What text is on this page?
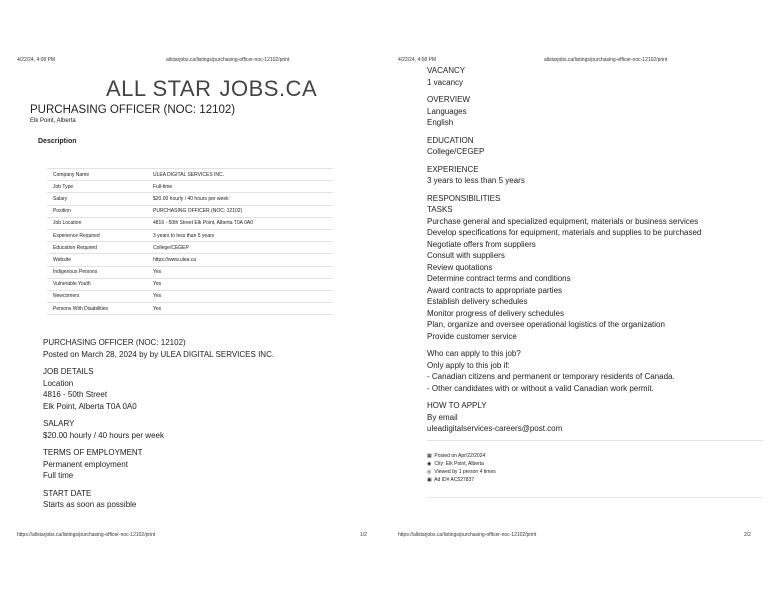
4/22/24, 4:08 PM	allstarjobs.ca/listings/purchasing-officer-noc-12102/print
ALL STAR JOBS.CA
PURCHASING OFFICER (NOC: 12102)
Elk Point, Alberta
Description
Company Name	ULEA DIGITAL SERVICES INC.
Job Type	Full-time
Salary	$20.00 hourly / 40 hours per week
Position	PURCHASING OFFICER (NOC: 12102)
Job Location	4816 - 50th Street Elk Point, Alberta T0A 0A0
Experience Required	3 years to less than 5 years
Education Required	College/CEGEP
Website	https://www.ulea.ca
Indigenous Persons	Yes
Vulnerable Youth	Yes
Newcomers	Yes
Persons With Disabilities	Yes
PURCHASING OFFICER (NOC: 12102)
Posted on March 28, 2024 by by ULEA DIGITAL SERVICES INC.
JOB DETAILS
Location
4816 - 50th Street
Elk Point, Alberta T0A 0A0
SALARY
$20.00 hourly / 40 hours per week
TERMS OF EMPLOYMENT
Permanent employment
Full time
START DATE
Starts as soon as possible
https://allstarjobs.ca/listings/purchasing-officer-noc-12102/print	1/2
4/22/24, 4:08 PM	allstarjobs.ca/listings/purchasing-officer-noc-12102/print
https://allstarjobs.ca/listings/purchasing-officer-noc-12102/print	2/2
VACANCY
1 vacancy
OVERVIEW
Languages
English
EDUCATION
College/CEGEP
EXPERIENCE
3 years to less than 5 years
RESPONSIBILITIES
TASKS
Purchase general and specialized equipment, materials or business services
Develop specifications for equipment, materials and supplies to be purchased
Negotiate offers from suppliers
Consult with suppliers
Review quotations
Determine contract terms and conditions
Award contracts to appropriate parties
Establish delivery schedules
Monitor progress of delivery schedules
Plan, organize and oversee operational logistics of the organization
Provide customer service
Who can apply to this job?
Only apply to this job if:
- Canadian citizens and permanent or temporary residents of Canada.
- Other candidates with or without a valid Canadian work permit.
HOW TO APPLY
By email
uleadigitalservices-careers@post.com
▦ Posted on Apr/22/2024
◉ City: Elk Point, Alberta
◎ Viewed by 1 person 4 times
▣ Ad ID# AC527837
